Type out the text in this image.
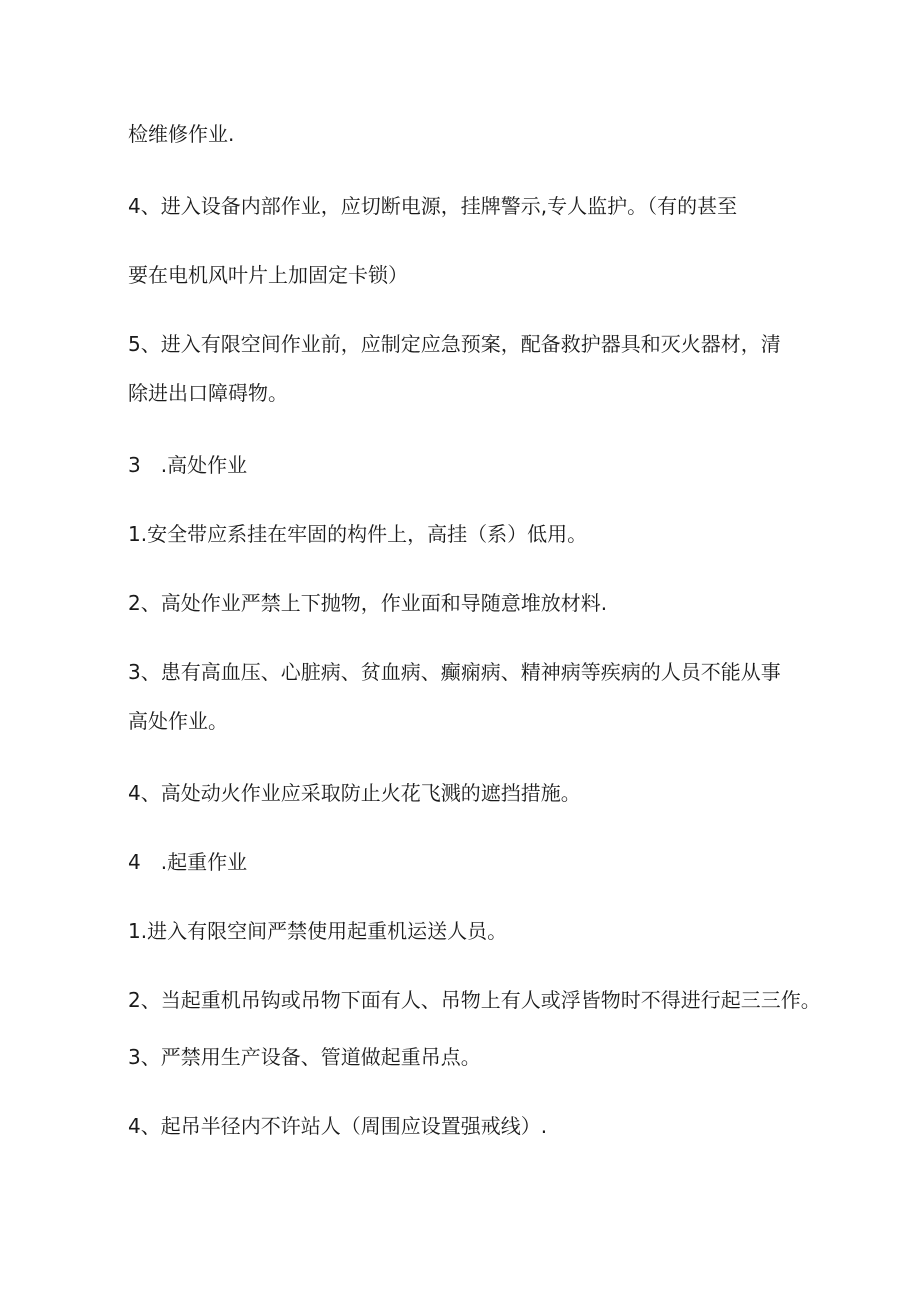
检维修作业.
4、进入设备内部作业，应切断电源，挂牌警示,专人监护。（有的甚至
要在电机风叶片上加固定卡锁）
5、进入有限空间作业前，应制定应急预案，配备救护器具和灭火器材，清
除进出口障碍物。
3　.高处作业
1.安全带应系挂在牢固的构件上，高挂（系）低用。
2、高处作业严禁上下抛物，作业面和导随意堆放材料.
3、患有高血压、心脏病、贫血病、癫痫病、精神病等疾病的人员不能从事
高处作业。
4、高处动火作业应采取防止火花飞溅的遮挡措施。
4　.起重作业
1.进入有限空间严禁使用起重机运送人员。
2、当起重机吊钩或吊物下面有人、吊物上有人或浮皆物时不得进行起三三作。
3、严禁用生产设备、管道做起重吊点。
4、起吊半径内不许站人（周围应设置强戒线）.
